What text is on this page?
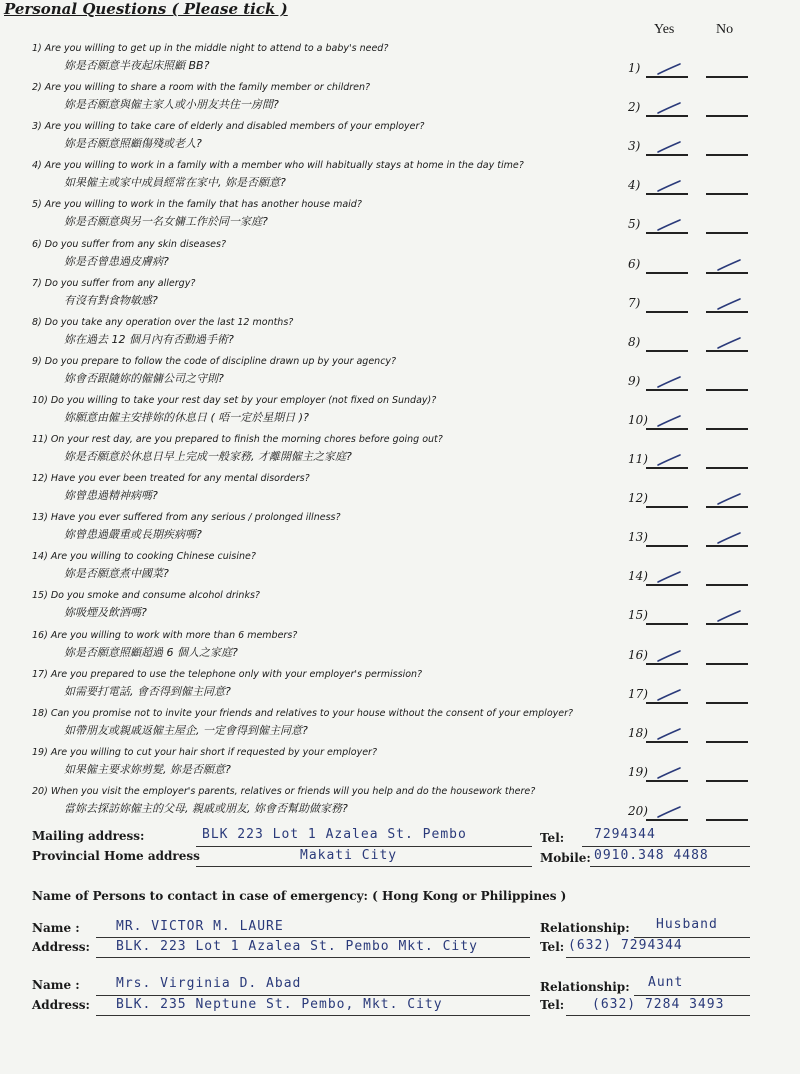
Personal Questions ( Please tick )
Yes	No
1) Are you willing to get up in the middle night to attend to a baby's need?
妳是否願意半夜起床照顧 BB?	1)
2) Are you willing to share a room with the family member or children?
妳是否願意與僱主家人或小朋友共住一房間?	2)
3) Are you willing to take care of elderly and disabled members of your employer?
妳是否願意照顧傷殘或老人?	3)
4) Are you willing to work in a family with a member who will habitually stays at home in the day time?
如果僱主或家中成員經常在家中, 妳是否願意?	4)
5) Are you willing to work in the family that has another house maid?
妳是否願意與另一名女傭工作於同一家庭?	5)
6) Do you suffer from any skin diseases?
妳是否曾患過皮膚病?	6)
7) Do you suffer from any allergy?
有沒有對食物敏感?	7)
8) Do you take any operation over the last 12 months?
妳在過去 12 個月內有否動過手術?	8)
9) Do you prepare to follow the code of discipline drawn up by your agency?
妳會否跟隨妳的僱傭公司之守則?	9)
10) Do you willing to take your rest day set by your employer (not fixed on Sunday)?
妳願意由僱主安排妳的休息日 ( 唔一定於星期日 )?	10)
11) On your rest day, are you prepared to finish the morning chores before going out?
妳是否願意於休息日早上完成一般家務, 才離開僱主之家庭?	11)
12) Have you ever been treated for any mental disorders?
妳曾患過精神病嗎?	12)
13) Have you ever suffered from any serious / prolonged illness?
妳曾患過嚴重或長期疾病嗎?	13)
14) Are you willing to cooking Chinese cuisine?
妳是否願意煮中國菜?	14)
15) Do you smoke and consume alcohol drinks?
妳吸煙及飲酒嗎?	15)
16) Are you willing to work with more than 6 members?
妳是否願意照顧超過 6 個人之家庭?	16)
17) Are you prepared to use the telephone only with your employer's permission?
如需要打電話, 會否得到僱主同意?	17)
18) Can you promise not to invite your friends and relatives to your house without the consent of your employer?
如帶朋友或親戚返僱主屋企, 一定會得到僱主同意?	18)
19) Are you willing to cut your hair short if requested by your employer?
如果僱主要求妳剪髮, 妳是否願意?	19)
20) When you visit the employer's parents, relatives or friends will you help and do the housework there?
當妳去探訪妳僱主的父母, 親戚或朋友, 妳會否幫助做家務?	20)
Mailing address:	BLK 223 Lot 1 Azalea St. Pembo
Provincial Home address	Makati City
Tel: 7294344
Mobile: 0910.348 4488
Name of Persons to contact in case of emergency: ( Hong Kong or Philippines )
Name :	MR. VICTOR M. LAURE
Address: BLK. 223 Lot 1 Azalea St. Pembo Mkt. City
Relationship: Husband
Tel: (632) 7294344
Name :	Mrs. Virginia D. Abad
Address: BLK. 235 Neptune St. Pembo, Mkt. City
Relationship: Aunt
Tel: (632) 7284 3493
